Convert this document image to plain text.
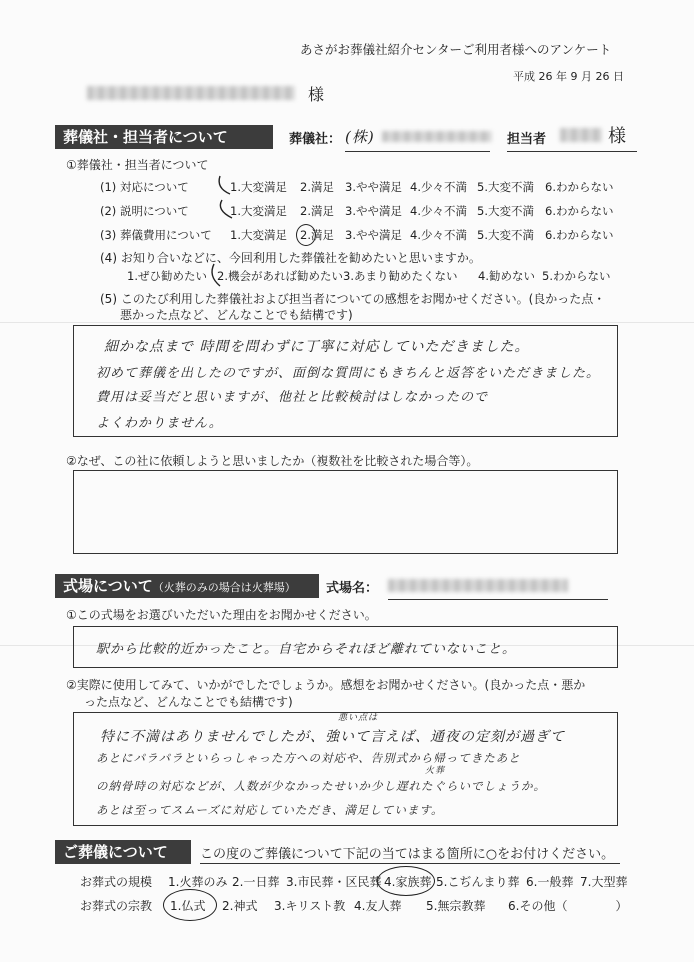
あさがお葬儀社紹介センターご利用者様へのアンケート
平成 26 年 9 月 26 日
様
葬儀社・担当者について	葬儀社： (株)	担当者	様
①葬儀社・担当者について
(1) 対応について	1.大変満足 2.満足 3.やや満足 4.少々不満 5.大変不満 6.わからない
(2) 説明について	1.大変満足 2.満足 3.やや満足 4.少々不満 5.大変不満 6.わからない
(3) 葬儀費用について 1.大変満足 2.満足 3.やや満足 4.少々不満 5.大変不満 6.わからない
(4) お知り合いなどに、今回利用した葬儀社を勧めたいと思いますか。
1.ぜひ勧めたい 2.機会があれば勧めたい 3.あまり勧めたくない 4.勧めない 5.わからない
(5) このたび利用した葬儀社および担当者についての感想をお聞かせください。(良かった点・
悪かった点など、どんなことでも結構です)
細かな点まで 時間を問わずに丁寧に対応していただきました。
初めて葬儀を出したのですが、面倒な質問にもきちんと返答をいただきました。
費用は妥当だと思いますが、他社と比較検討はしなかったので
よくわかりません。
②なぜ、この社に依頼しようと思いましたか（複数社を比較された場合等）。
式場について（火葬のみの場合は火葬場）	式場名：
①この式場をお選びいただいた理由をお聞かせください。
駅から比較的近かったこと。自宅からそれほど離れていないこと。
②実際に使用してみて、いかがでしたでしょうか。感想をお聞かせください。(良かった点・悪か
った点など、どんなことでも結構です)
悪い点は
特に不満はありませんでしたが、強いて言えば、通夜の定刻が過ぎて
あとにパラパラといらっしゃった方への対応や、告別式から帰ってきたあと
火葬
の納骨時の対応などが、人数が少なかったせいか少し遅れたぐらいでしょうか。
あとは至ってスムーズに対応していただき、満足しています。
ご葬儀について	この度のご葬儀について下記の当てはまる箇所に○をお付けください。
お葬式の規模 1.火葬のみ 2.一日葬 3.市民葬・区民葬 4.家族葬 5.こぢんまり葬 6.一般葬 7.大型葬
お葬式の宗教 1.仏式 2.神式 3.キリスト教 4.友人葬 5.無宗教葬 6.その他（　　　　）
